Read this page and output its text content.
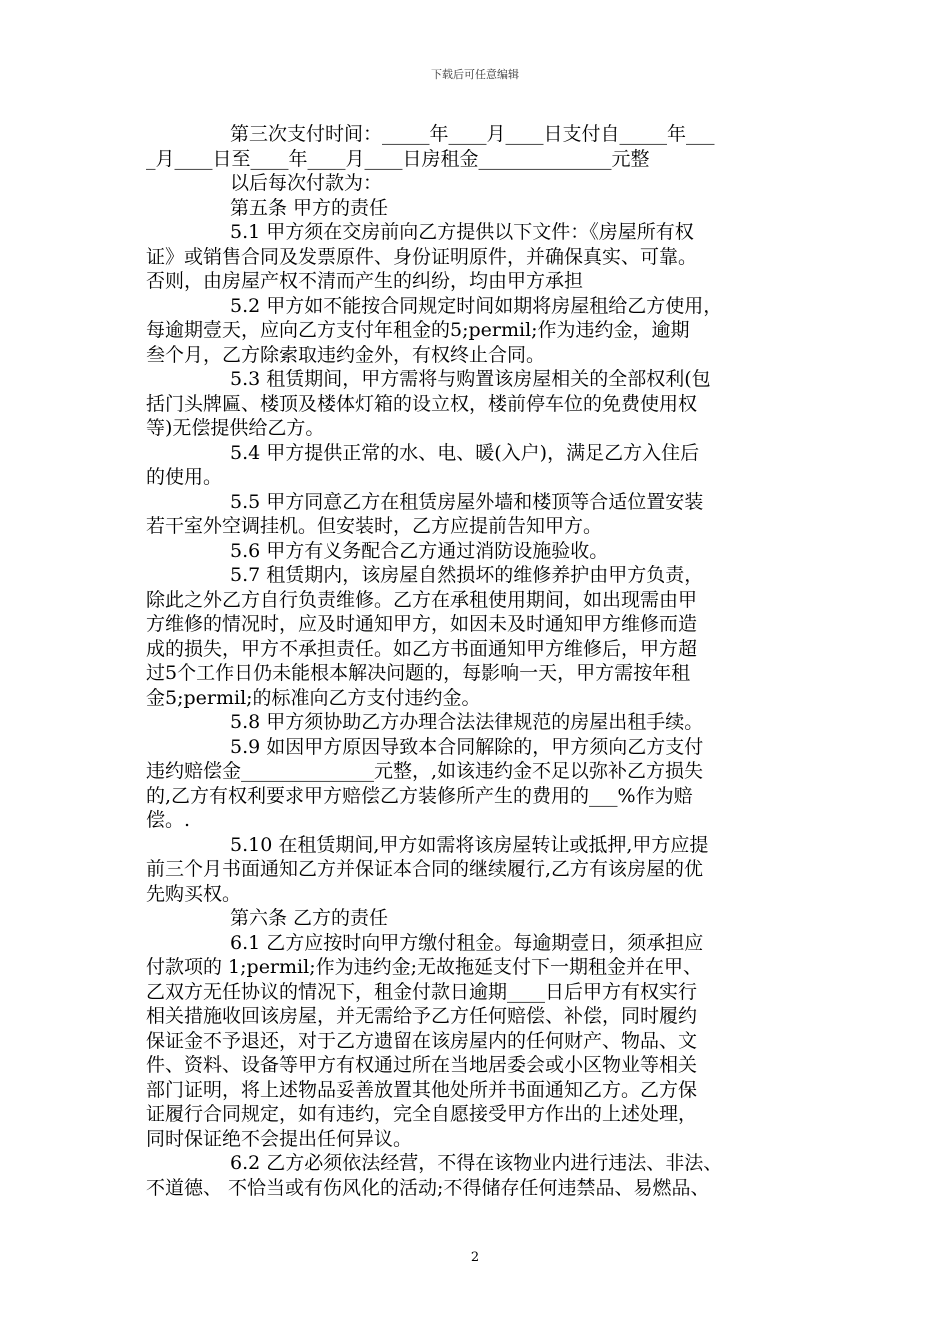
下载后可任意编辑
第三次支付时间：_____年____月____日支付自_____年___
_月____日至____年____月____日房租金______________元整
以后每次付款为：
第五条 甲方的责任
5.1 甲方须在交房前向乙方提供以下文件：《房屋所有权
证》或销售合同及发票原件、身份证明原件，并确保真实、可靠。
否则，由房屋产权不清而产生的纠纷，均由甲方承担
5.2 甲方如不能按合同规定时间如期将房屋租给乙方使用，
每逾期壹天，应向乙方支付年租金的5;permil;作为违约金，逾期
叁个月，乙方除索取违约金外，有权终止合同。
5.3 租赁期间，甲方需将与购置该房屋相关的全部权利(包
括门头牌匾、楼顶及楼体灯箱的设立权，楼前停车位的免费使用权
等)无偿提供给乙方。
5.4 甲方提供正常的水、电、暖(入户)，满足乙方入住后
的使用。
5.5 甲方同意乙方在租赁房屋外墙和楼顶等合适位置安装
若干室外空调挂机。但安装时，乙方应提前告知甲方。
5.6 甲方有义务配合乙方通过消防设施验收。
5.7 租赁期内，该房屋自然损坏的维修养护由甲方负责，
除此之外乙方自行负责维修。乙方在承租使用期间，如出现需由甲
方维修的情况时，应及时通知甲方，如因未及时通知甲方维修而造
成的损失，甲方不承担责任。如乙方书面通知甲方维修后，甲方超
过5个工作日仍未能根本解决问题的，每影响一天，甲方需按年租
金5;permil;的标准向乙方支付违约金。
5.8 甲方须协助乙方办理合法法律规范的房屋出租手续。
5.9 如因甲方原因导致本合同解除的，甲方须向乙方支付
违约赔偿金______________元整，,如该违约金不足以弥补乙方损失
的,乙方有权利要求甲方赔偿乙方装修所产生的费用的___%作为赔
偿。.
5.10 在租赁期间,甲方如需将该房屋转让或抵押,甲方应提
前三个月书面通知乙方并保证本合同的继续履行,乙方有该房屋的优
先购买权。
第六条 乙方的责任
6.1 乙方应按时向甲方缴付租金。每逾期壹日，须承担应
付款项的 1;permil;作为违约金;无故拖延支付下一期租金并在甲、
乙双方无任协议的情况下，租金付款日逾期____日后甲方有权实行
相关措施收回该房屋，并无需给予乙方任何赔偿、补偿，同时履约
保证金不予退还，对于乙方遗留在该房屋内的任何财产、物品、文
件、资料、设备等甲方有权通过所在当地居委会或小区物业等相关
部门证明，将上述物品妥善放置其他处所并书面通知乙方。乙方保
证履行合同规定，如有违约，完全自愿接受甲方作出的上述处理，
同时保证绝不会提出任何异议。
6.2 乙方必须依法经营，不得在该物业内进行违法、非法、
不道德、 不恰当或有伤风化的活动;不得储存任何违禁品、易燃品、
2
